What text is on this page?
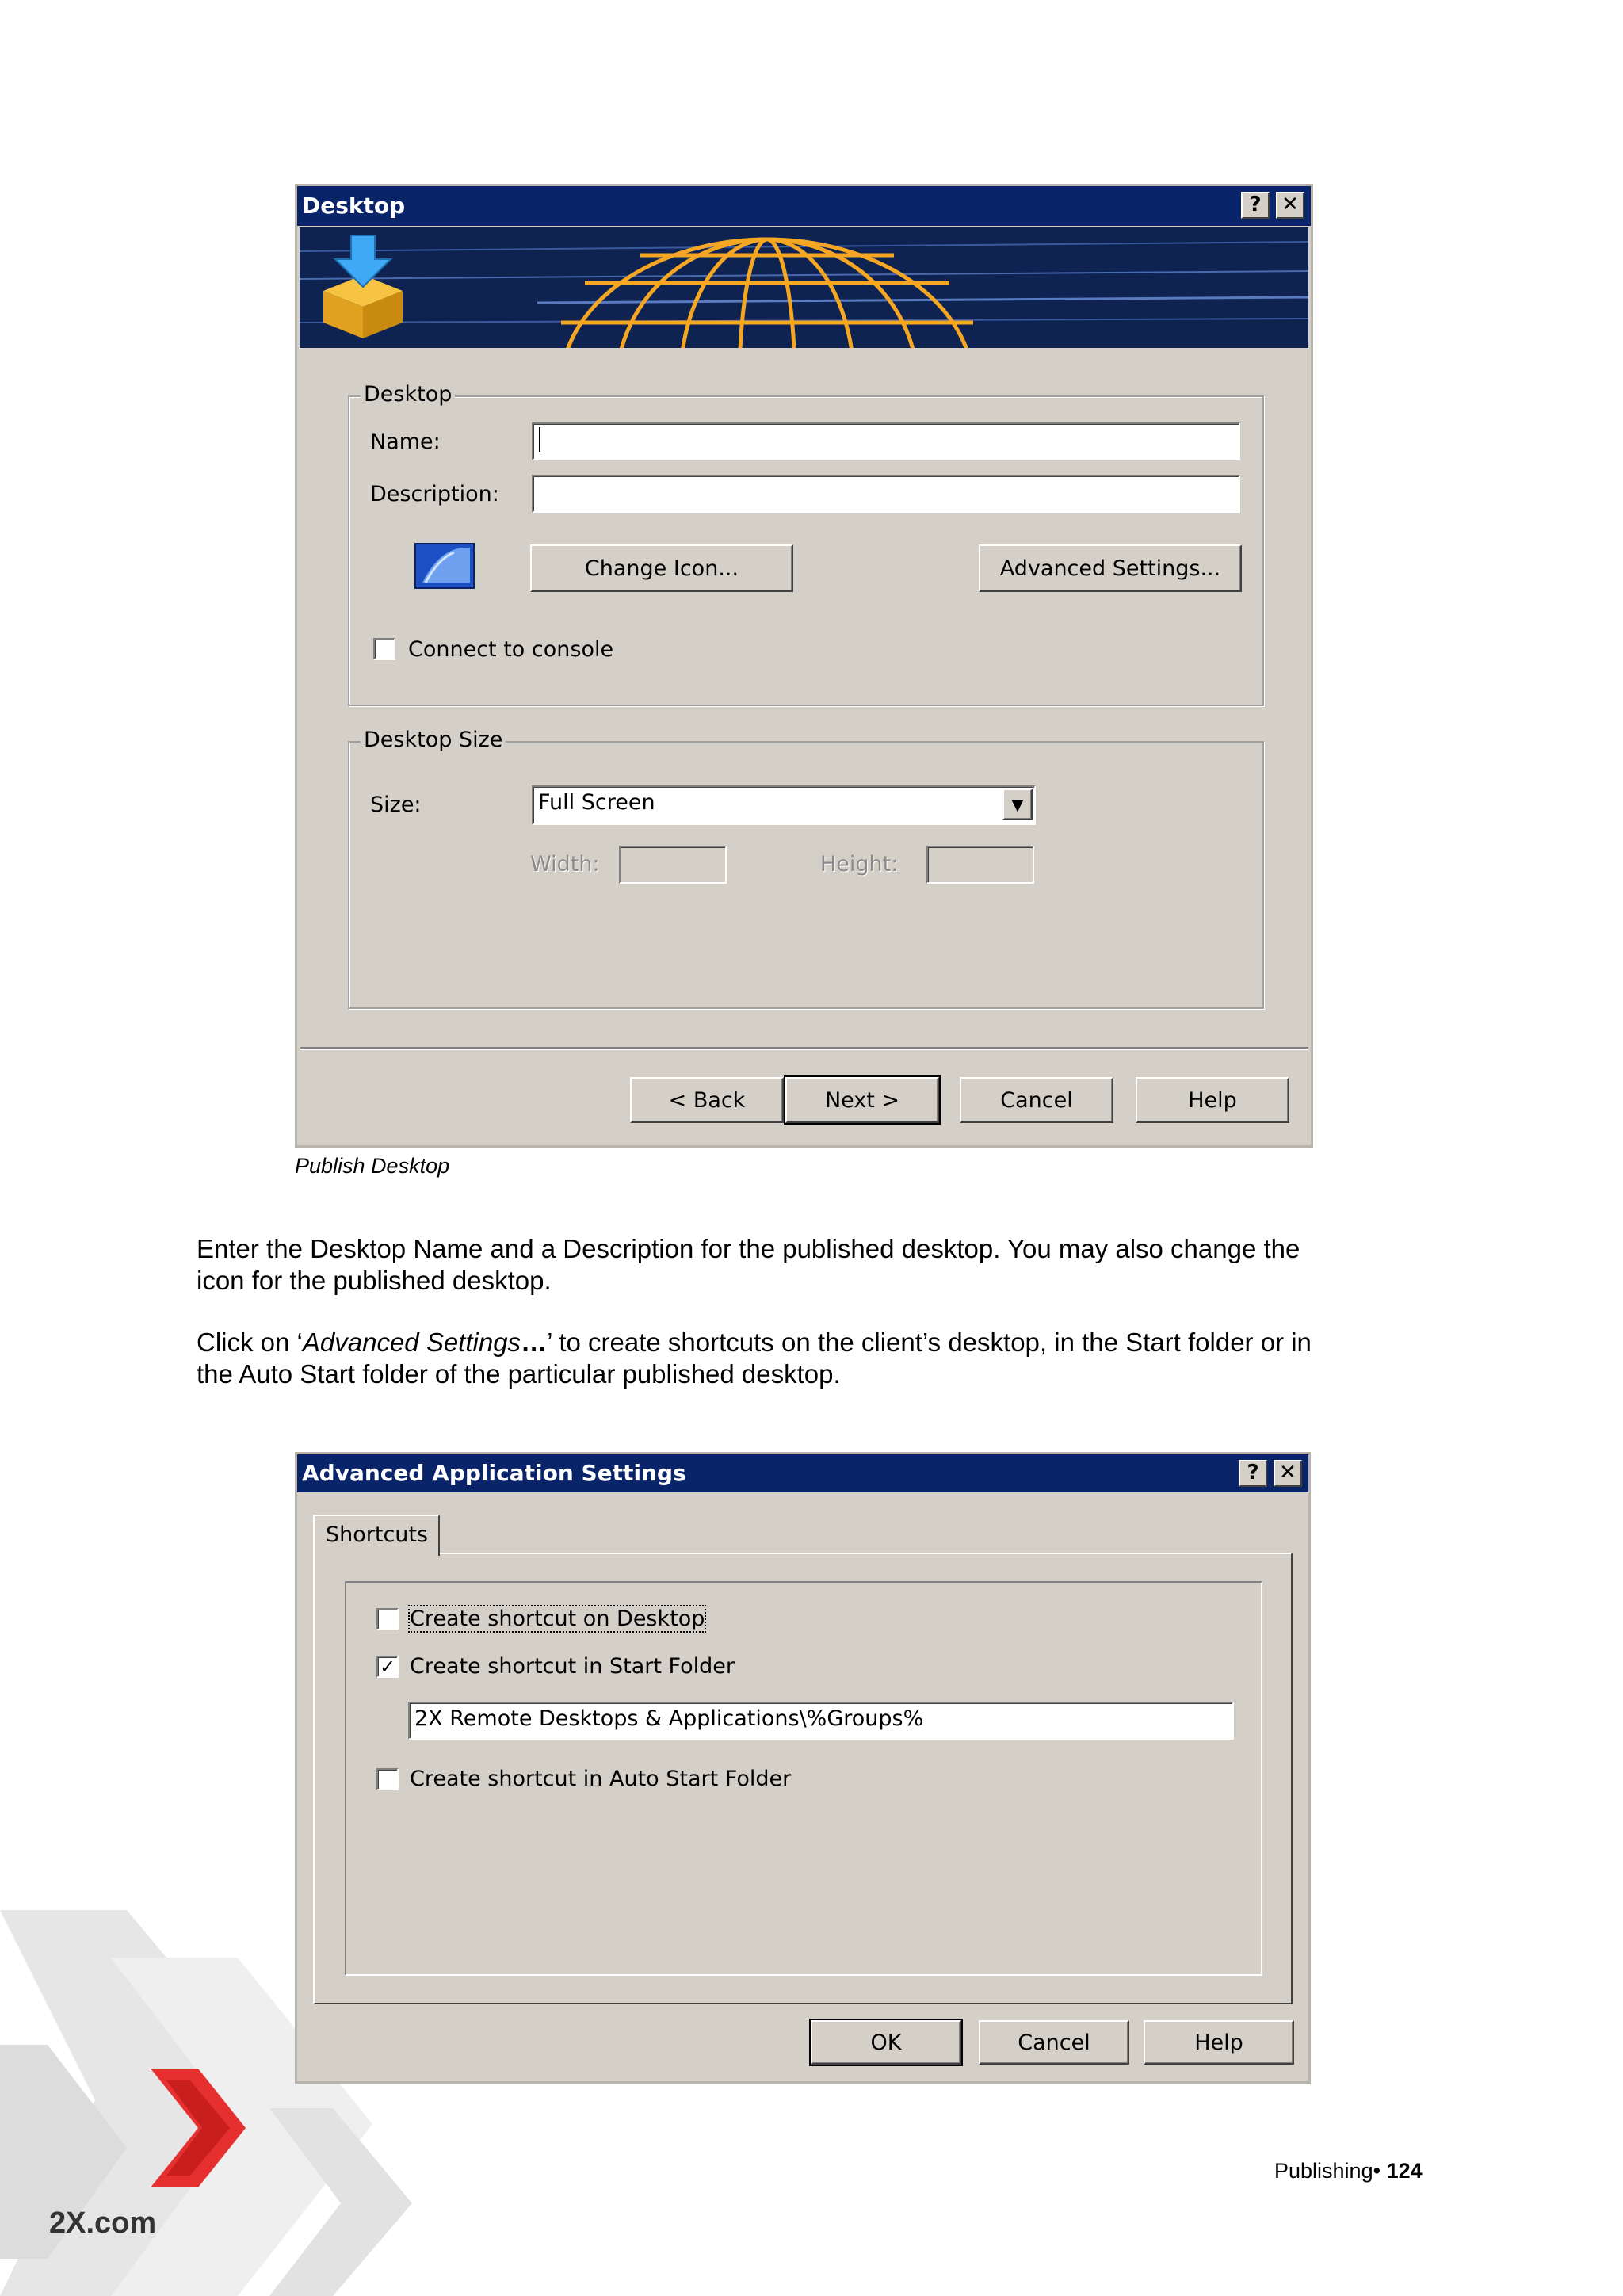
Desktop	? ✕
Desktop
Name:
Description:
Change Icon...	Advanced Settings...
Connect to console
Desktop Size
Size:	Full Screen	▼
Width:	Height:
< Back	Next >	Cancel	Help
Publish Desktop
Enter the Desktop Name and a Description for the published desktop. You may also change the icon for the published desktop.
Click on ‘Advanced Settings…’ to create shortcuts on the client’s desktop, in the Start folder or in the Auto Start folder of the particular published desktop.
Advanced Application Settings	? ✕
Shortcuts
Create shortcut on Desktop
✓ Create shortcut in Start Folder
2X Remote Desktops & Applications\%Groups%
Create shortcut in Auto Start Folder
OK	Cancel	Help
Publishing• 124
2X.com
